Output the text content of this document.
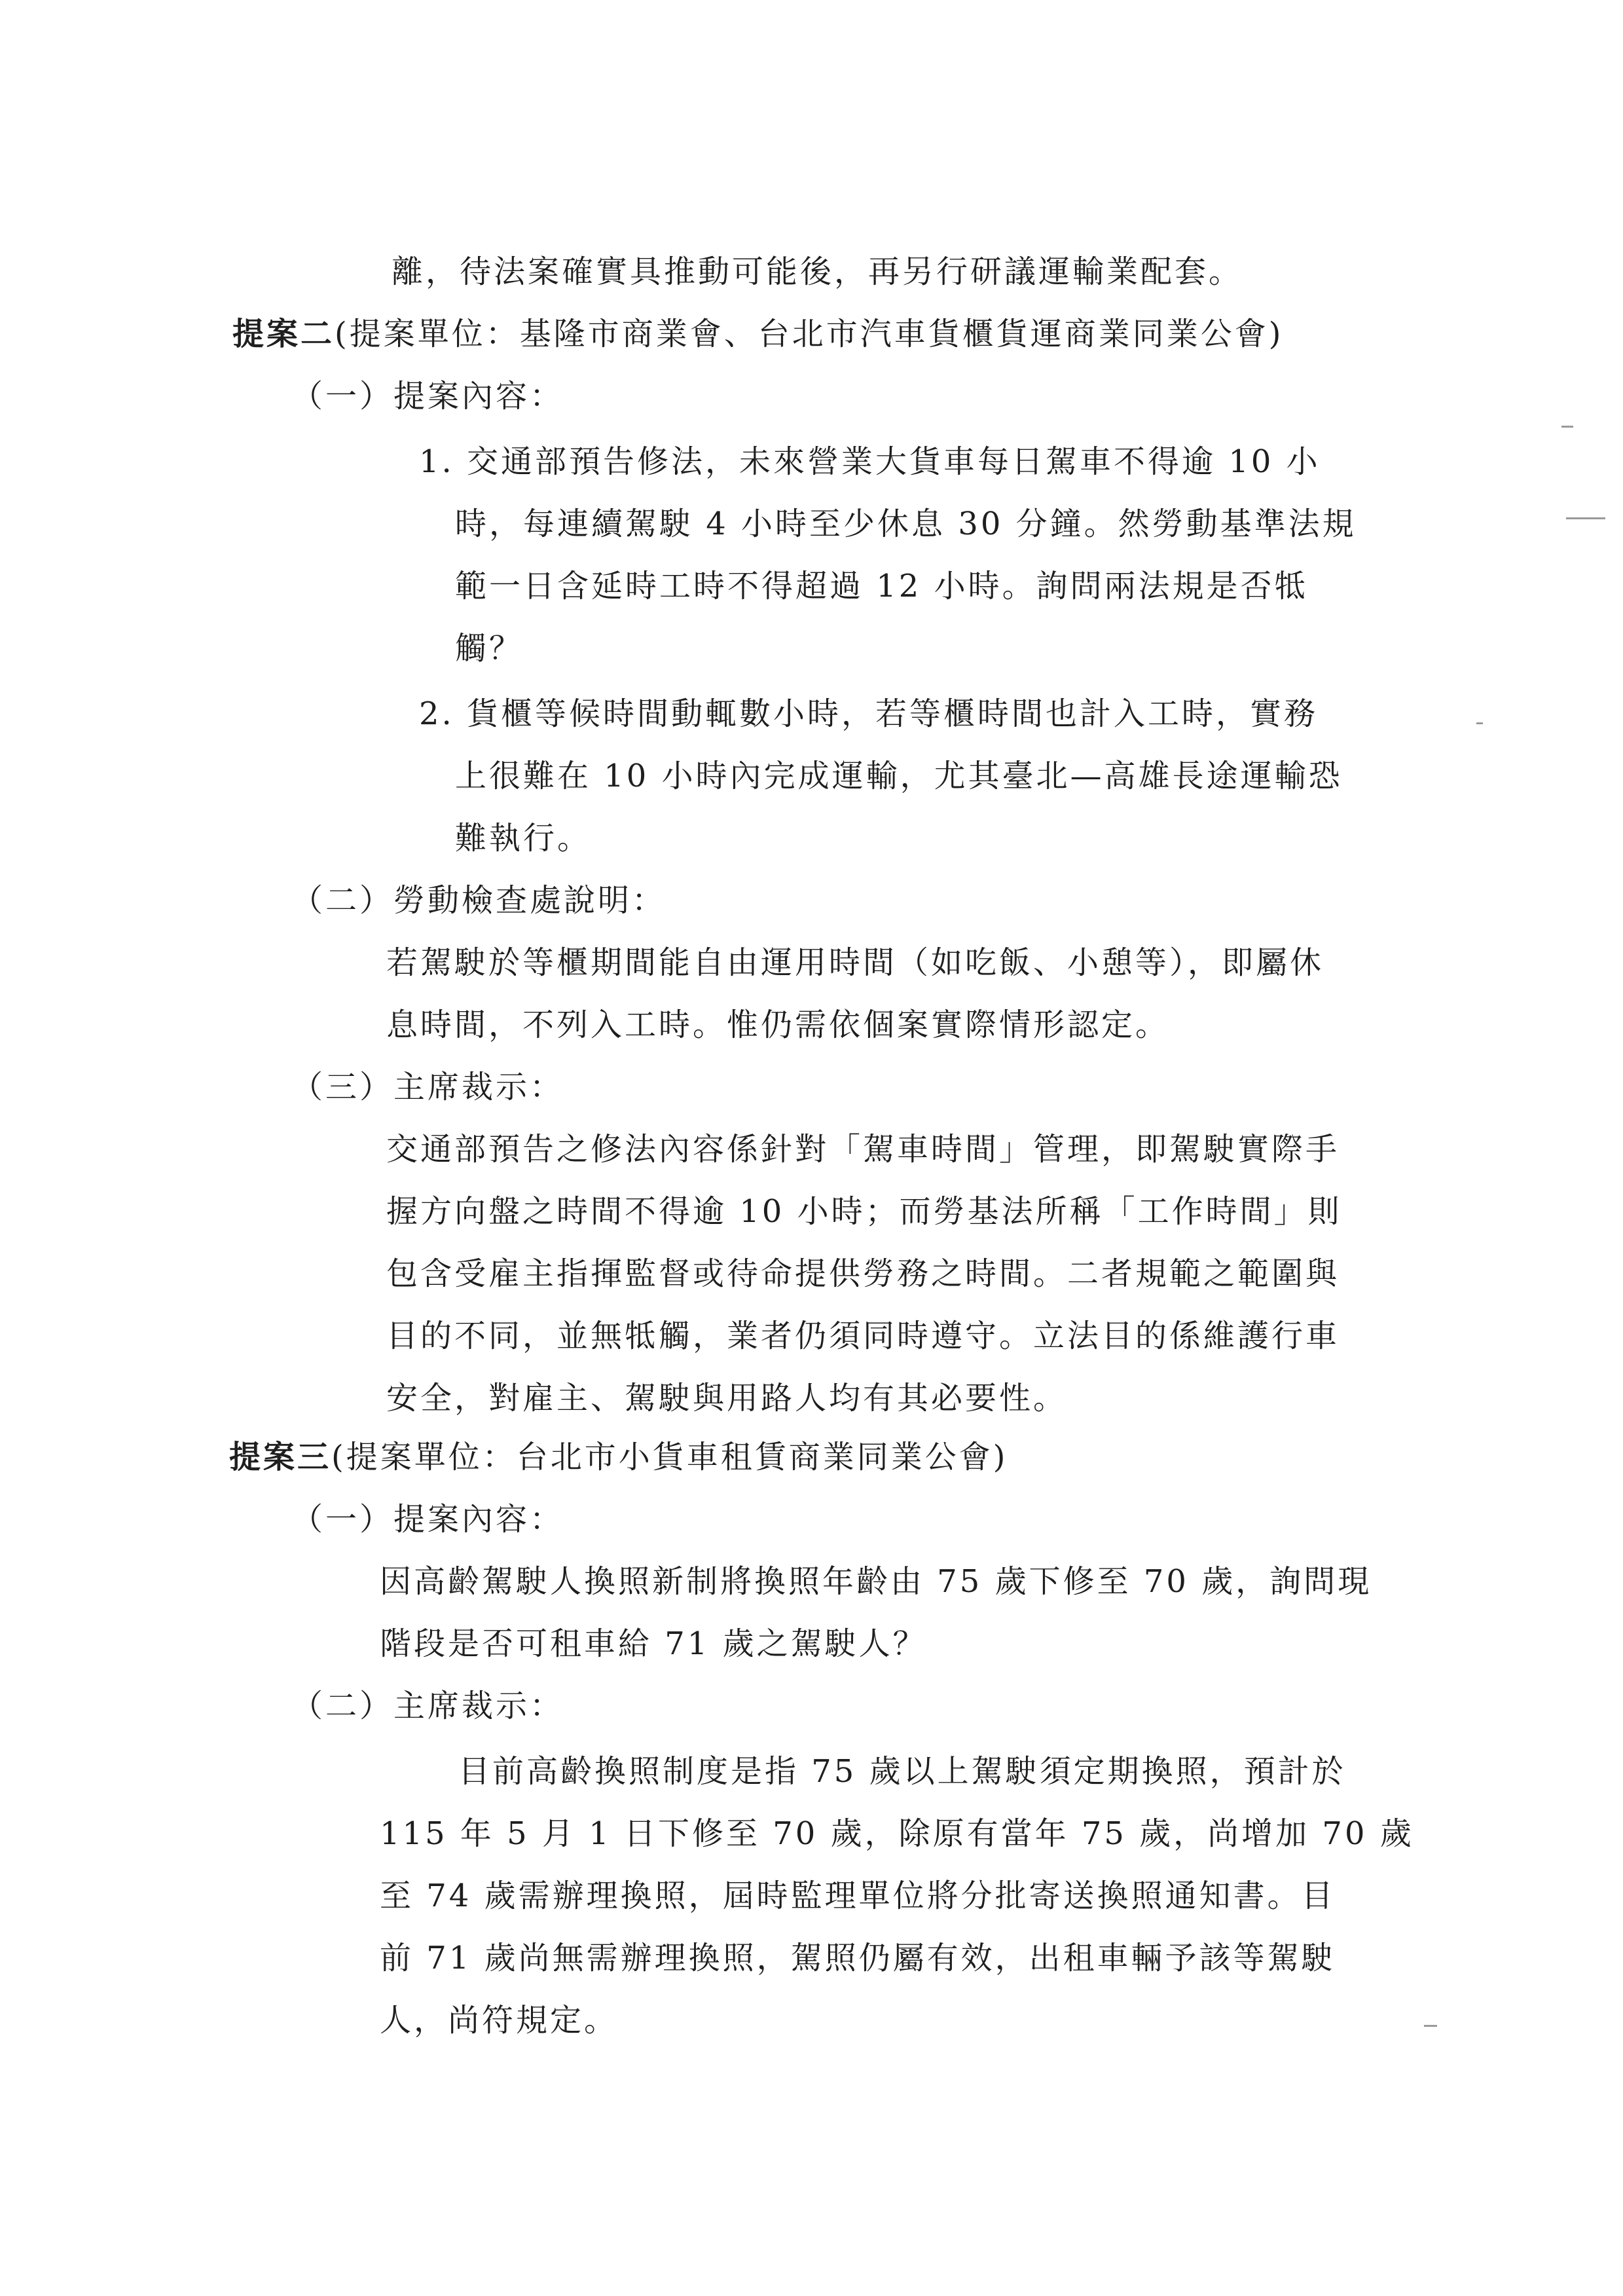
離，待法案確實具推動可能後，再另行研議運輸業配套。
提案二(提案單位：基隆市商業會、台北市汽車貨櫃貨運商業同業公會)
（一）提案內容：
1. 交通部預告修法，未來營業大貨車每日駕車不得逾 10 小
時，每連續駕駛 4 小時至少休息 30 分鐘。然勞動基準法規
範一日含延時工時不得超過 12 小時。詢問兩法規是否牴
觸？
2. 貨櫃等候時間動輒數小時，若等櫃時間也計入工時，實務
上很難在 10 小時內完成運輸，尤其臺北—高雄長途運輸恐
難執行。
（二）勞動檢查處說明：
若駕駛於等櫃期間能自由運用時間（如吃飯、小憩等），即屬休
息時間，不列入工時。惟仍需依個案實際情形認定。
（三）主席裁示：
交通部預告之修法內容係針對「駕車時間」管理，即駕駛實際手
握方向盤之時間不得逾 10 小時；而勞基法所稱「工作時間」則
包含受雇主指揮監督或待命提供勞務之時間。二者規範之範圍與
目的不同，並無牴觸，業者仍須同時遵守。立法目的係維護行車
安全，對雇主、駕駛與用路人均有其必要性。
提案三(提案單位：台北市小貨車租賃商業同業公會)
（一）提案內容：
因高齡駕駛人換照新制將換照年齡由 75 歲下修至 70 歲，詢問現
階段是否可租車給 71 歲之駕駛人？
（二）主席裁示：
目前高齡換照制度是指 75 歲以上駕駛須定期換照，預計於
115 年 5 月 1 日下修至 70 歲，除原有當年 75 歲，尚增加 70 歲
至 74 歲需辦理換照，屆時監理單位將分批寄送換照通知書。目
前 71 歲尚無需辦理換照，駕照仍屬有效，出租車輛予該等駕駛
人，尚符規定。
